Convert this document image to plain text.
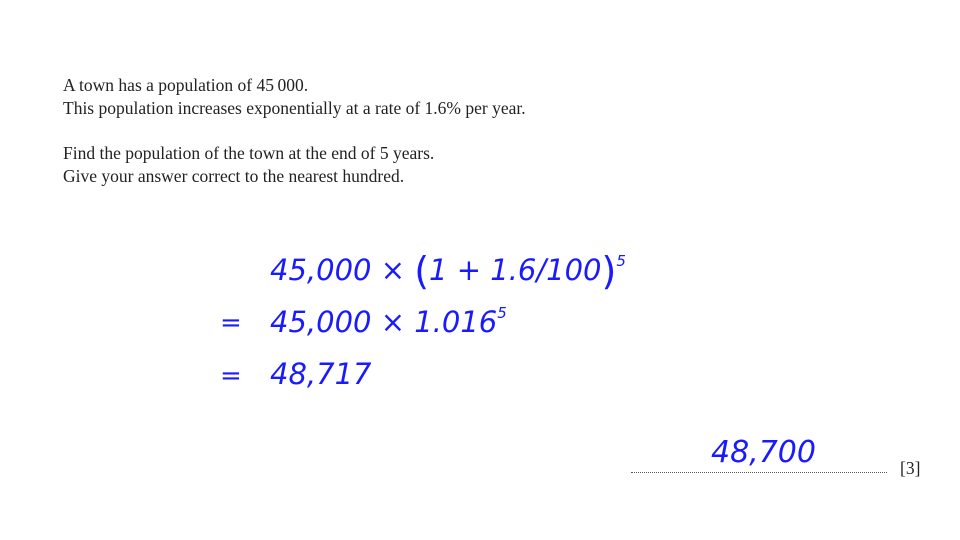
A town has a population of 45 000.

This population increases exponentially at a rate of 1.6% per year.

Find the population of the town at the end of 5 years.

Give your answer correct to the nearest hundred.

$45,000 \times (1 + 1.6/100)^5$
= $45,000 \times 1.016^5$
= 48,717
48,700	[3]
